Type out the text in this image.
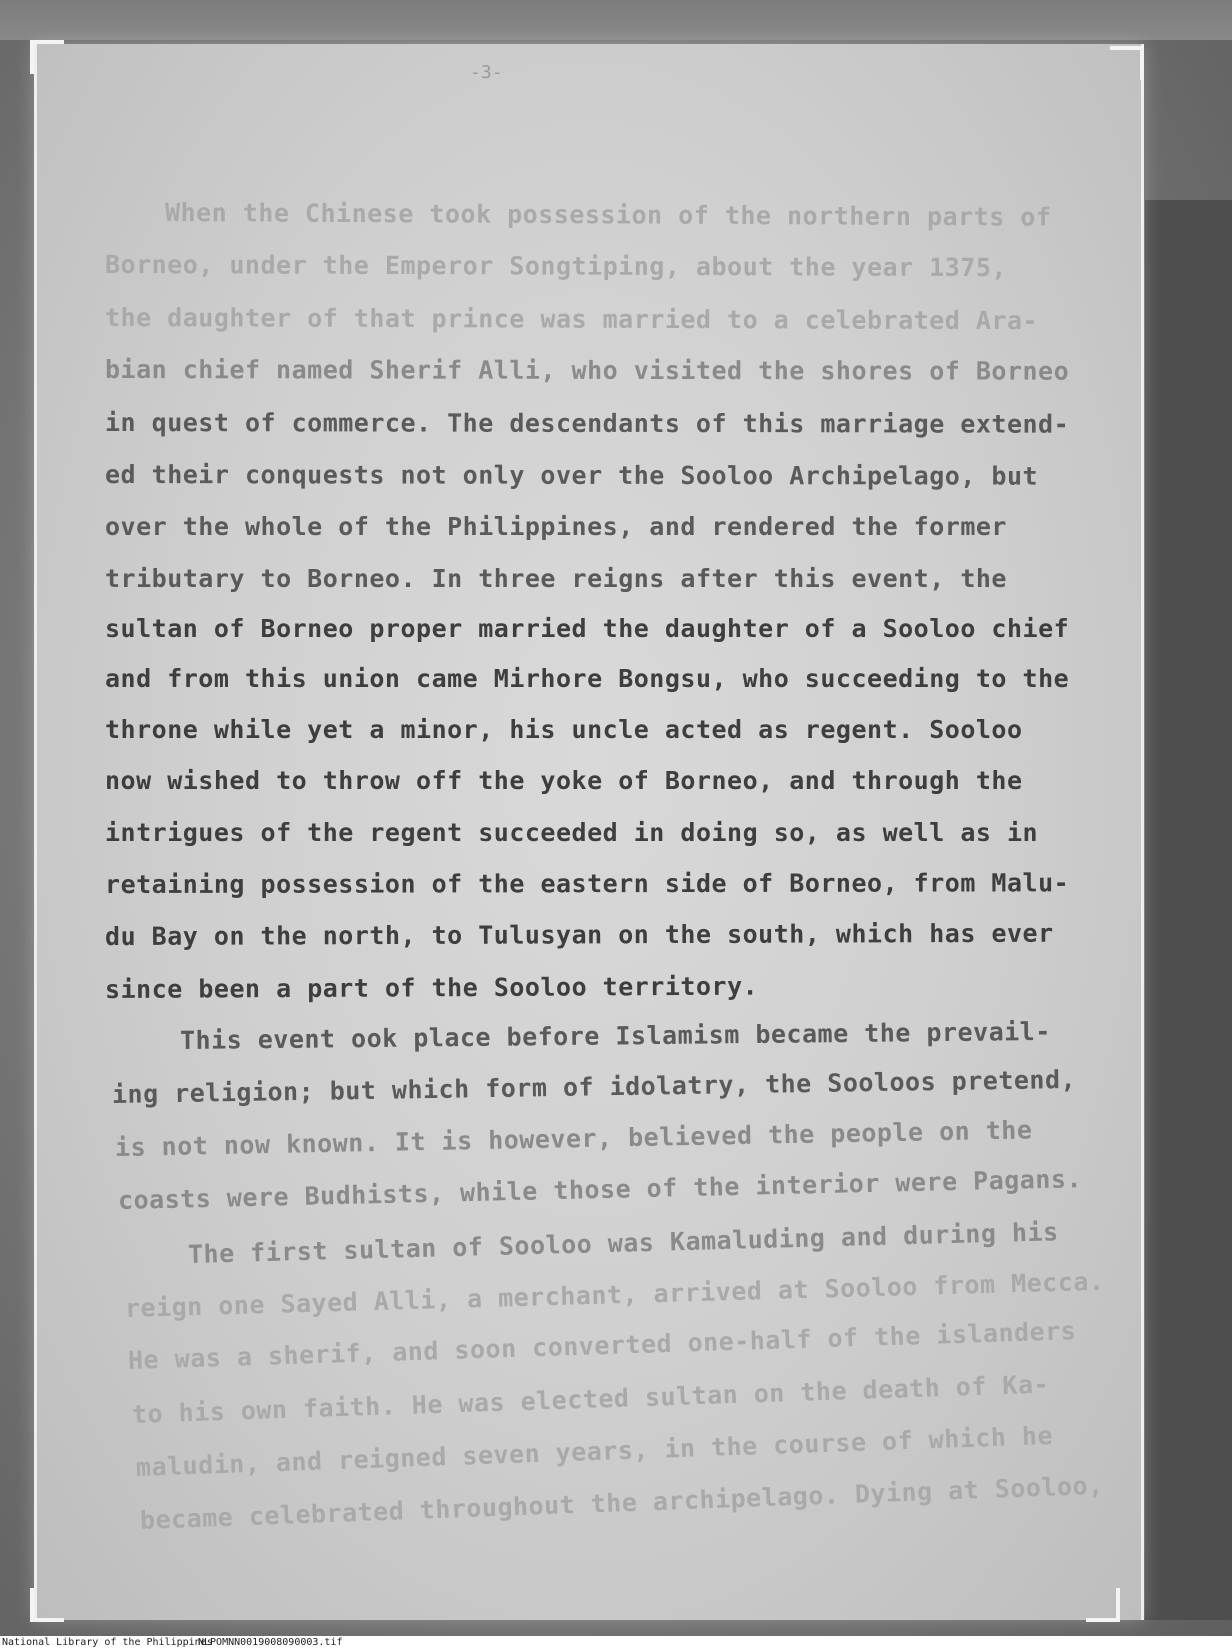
-3-
When the Chinese took possession of the northern parts of
Borneo, under the Emperor Songtiping, about the year 1375,
the daughter of that prince was married to a celebrated Ara-
bian chief named Sherif Alli, who visited the shores of Borneo
in quest of commerce. The descendants of this marriage extend-
ed their conquests not only over the Sooloo Archipelago, but
over the whole of the Philippines, and rendered the former
tributary to Borneo. In three reigns after this event, the
sultan of Borneo proper married the daughter of a Sooloo chief
and from this union came Mirhore Bongsu, who succeeding to the
throne while yet a minor, his uncle acted as regent. Sooloo
now wished to throw off the yoke of Borneo, and through the
intrigues of the regent succeeded in doing so, as well as in
retaining possession of the eastern side of Borneo, from Malu-
du Bay on the north, to Tulusyan on the south, which has ever
since been a part of the Sooloo territory.
This event ook place before Islamism became the prevail-
ing religion; but which form of idolatry, the Sooloos pretend,
is not now known. It is however, believed the people on the
coasts were Budhists, while those of the interior were Pagans.
The first sultan of Sooloo was Kamaluding and during his
reign one Sayed Alli, a merchant, arrived at Sooloo from Mecca.
He was a sherif, and soon converted one-half of the islanders
to his own faith. He was elected sultan on the death of Ka-
maludin, and reigned seven years, in the course of which he
became celebrated throughout the archipelago. Dying at Sooloo,
National Library of the Philippines
NLPOMNN0019008090003.tif
